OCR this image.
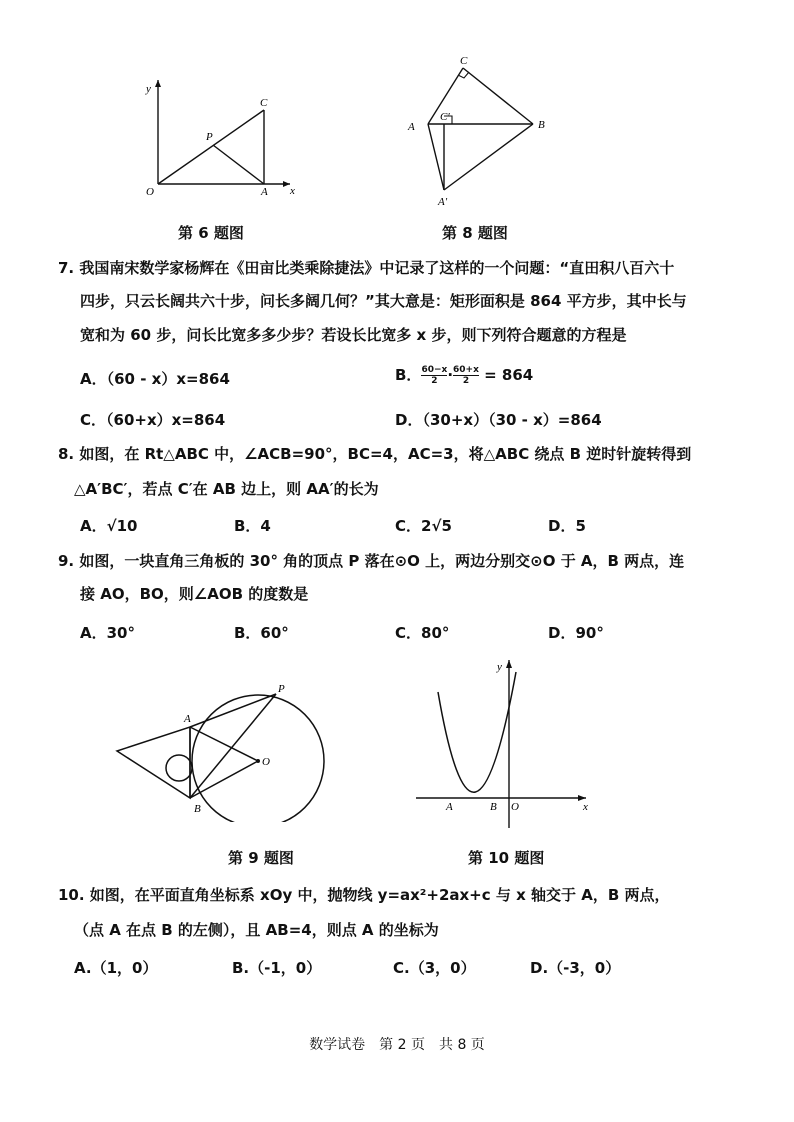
y
x
O	A
C
P
第 6 题图
C
A
C′
B
A′
第 8 题图
7. 我国南宋数学家杨辉在《田亩比类乘除捷法》中记录了这样的一个问题：“直田积八百六十
四步，只云长阔共六十步，问长多阔几何？”其大意是：矩形面积是 864 平方步，其中长与
宽和为 60 步，问长比宽多多少步？若设长比宽多 x 步，则下列符合题意的方程是
A．（60 - x）x=864	B． $\frac{60-x}{2} \cdot \frac{60+x}{2} = 864$
C．（60+x）x=864	D．（30+x）（30 - x）=864
8. 如图，在 Rt△ABC 中，∠ACB=90°，BC=4，AC=3，将△ABC 绕点 B 逆时针旋转得到
△A′BC′，若点 C′在 AB 边上，则 AA′的长为
A．√10	B．4	C．2√5	D．5
9. 如图，一块直角三角板的 30° 角的顶点 P 落在⊙O 上，两边分别交⊙O 于 A，B 两点，连
接 AO，BO，则∠AOB 的度数是
A．30°	B．60°	C．80°	D．90°
A
B
O
P
第 9 题图
y
x
A	B O
第 10 题图
10. 如图，在平面直角坐标系 xOy 中，抛物线 y=ax²+2ax+c 与 x 轴交于 A，B 两点，
（点 A 在点 B 的左侧），且 AB=4，则点 A 的坐标为
A.（1，0）	B.（-1，0）	C.（3，0）	D.（-3，0）
数学试卷　第 2 页　共 8 页
